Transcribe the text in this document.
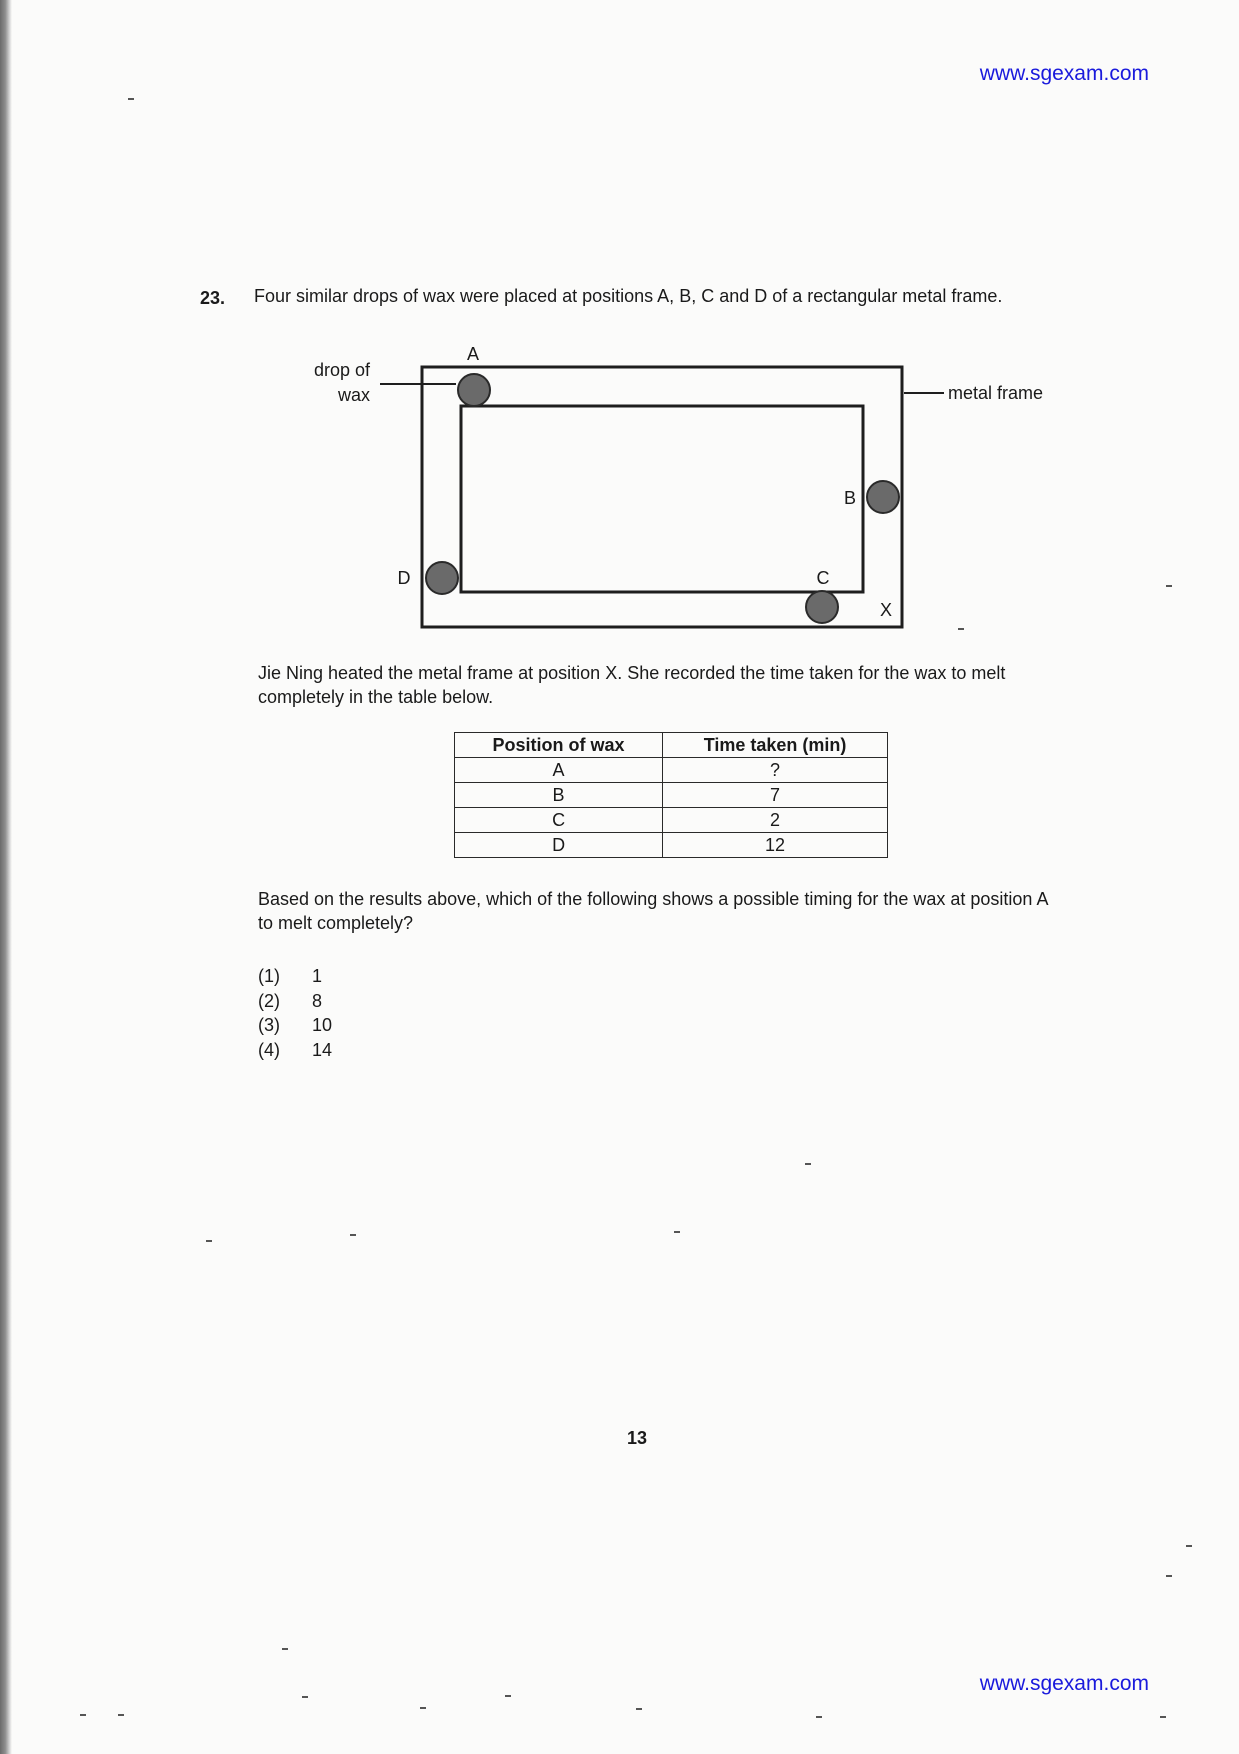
www.sgexam.com
23. Four similar drops of wax were placed at positions A, B, C and D of a rectangular metal frame.
drop of
wax	metal frame
A
B
C
D
X
Jie Ning heated the metal frame at position X. She recorded the time taken for the wax to melt completely in the table below.
Position of wax	Time taken (min)
A	?
B	7
C	2
D	12
Based on the results above, which of the following shows a possible timing for the wax at position A to melt completely?
(1)	1
(2)	8
(3)	10
(4)	14
13
www.sgexam.com
